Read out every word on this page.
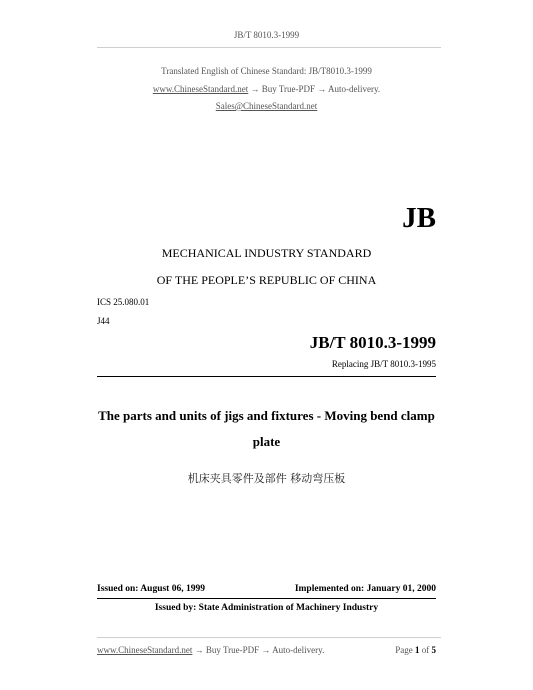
JB/T 8010.3-1999
Translated English of Chinese Standard: JB/T8010.3-1999
www.ChineseStandard.net → Buy True-PDF → Auto-delivery.
Sales@ChineseStandard.net
JB
MECHANICAL INDUSTRY STANDARD
OF THE PEOPLE’S REPUBLIC OF CHINA
ICS 25.080.01
J44
JB/T 8010.3-1999
Replacing JB/T 8010.3-1995
The parts and units of jigs and fixtures - Moving bend clamp
plate
机床夹具零件及部件 移动弯压板
Issued on: August 06, 1999	Implemented on: January 01, 2000
Issued by: State Administration of Machinery Industry
www.ChineseStandard.net → Buy True-PDF → Auto-delivery.	Page 1 of 5
